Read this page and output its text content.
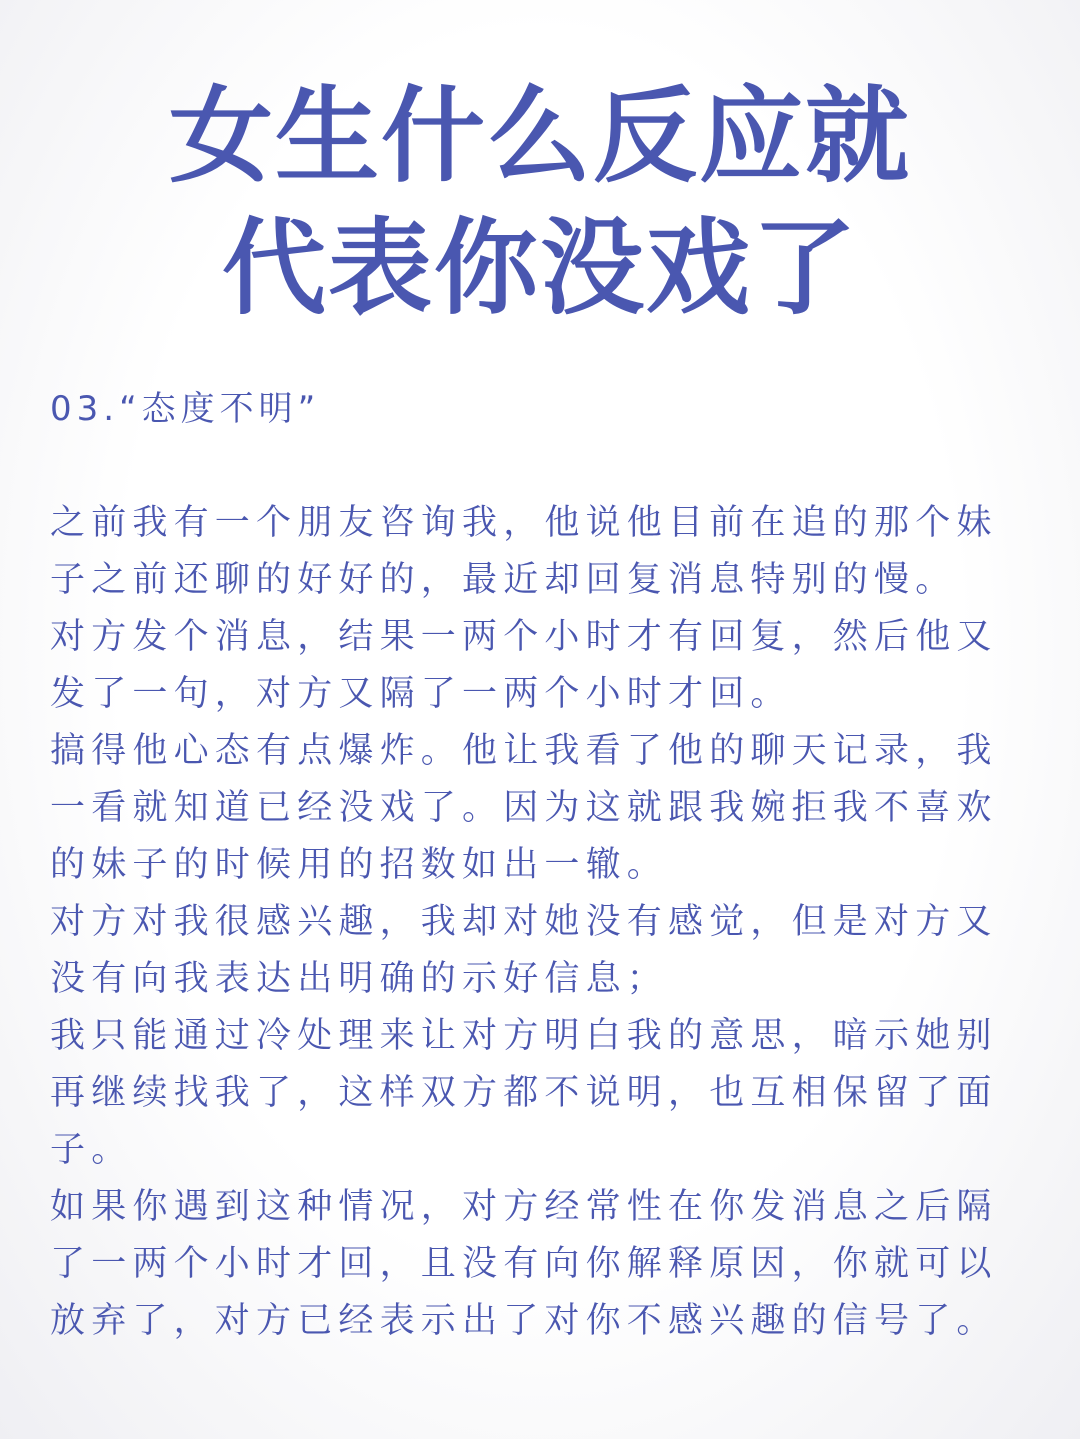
女生什么反应就
代表你没戏了
03.“态度不明”
之前我有一个朋友咨询我，他说他目前在追的那个妹
子之前还聊的好好的，最近却回复消息特别的慢。
对方发个消息，结果一两个小时才有回复，然后他又
发了一句，对方又隔了一两个小时才回。
搞得他心态有点爆炸。他让我看了他的聊天记录，我
一看就知道已经没戏了。因为这就跟我婉拒我不喜欢
的妹子的时候用的招数如出一辙。
对方对我很感兴趣，我却对她没有感觉，但是对方又
没有向我表达出明确的示好信息；
我只能通过冷处理来让对方明白我的意思，暗示她别
再继续找我了，这样双方都不说明，也互相保留了面
子。
如果你遇到这种情况，对方经常性在你发消息之后隔
了一两个小时才回，且没有向你解释原因，你就可以
放弃了，对方已经表示出了对你不感兴趣的信号了。
